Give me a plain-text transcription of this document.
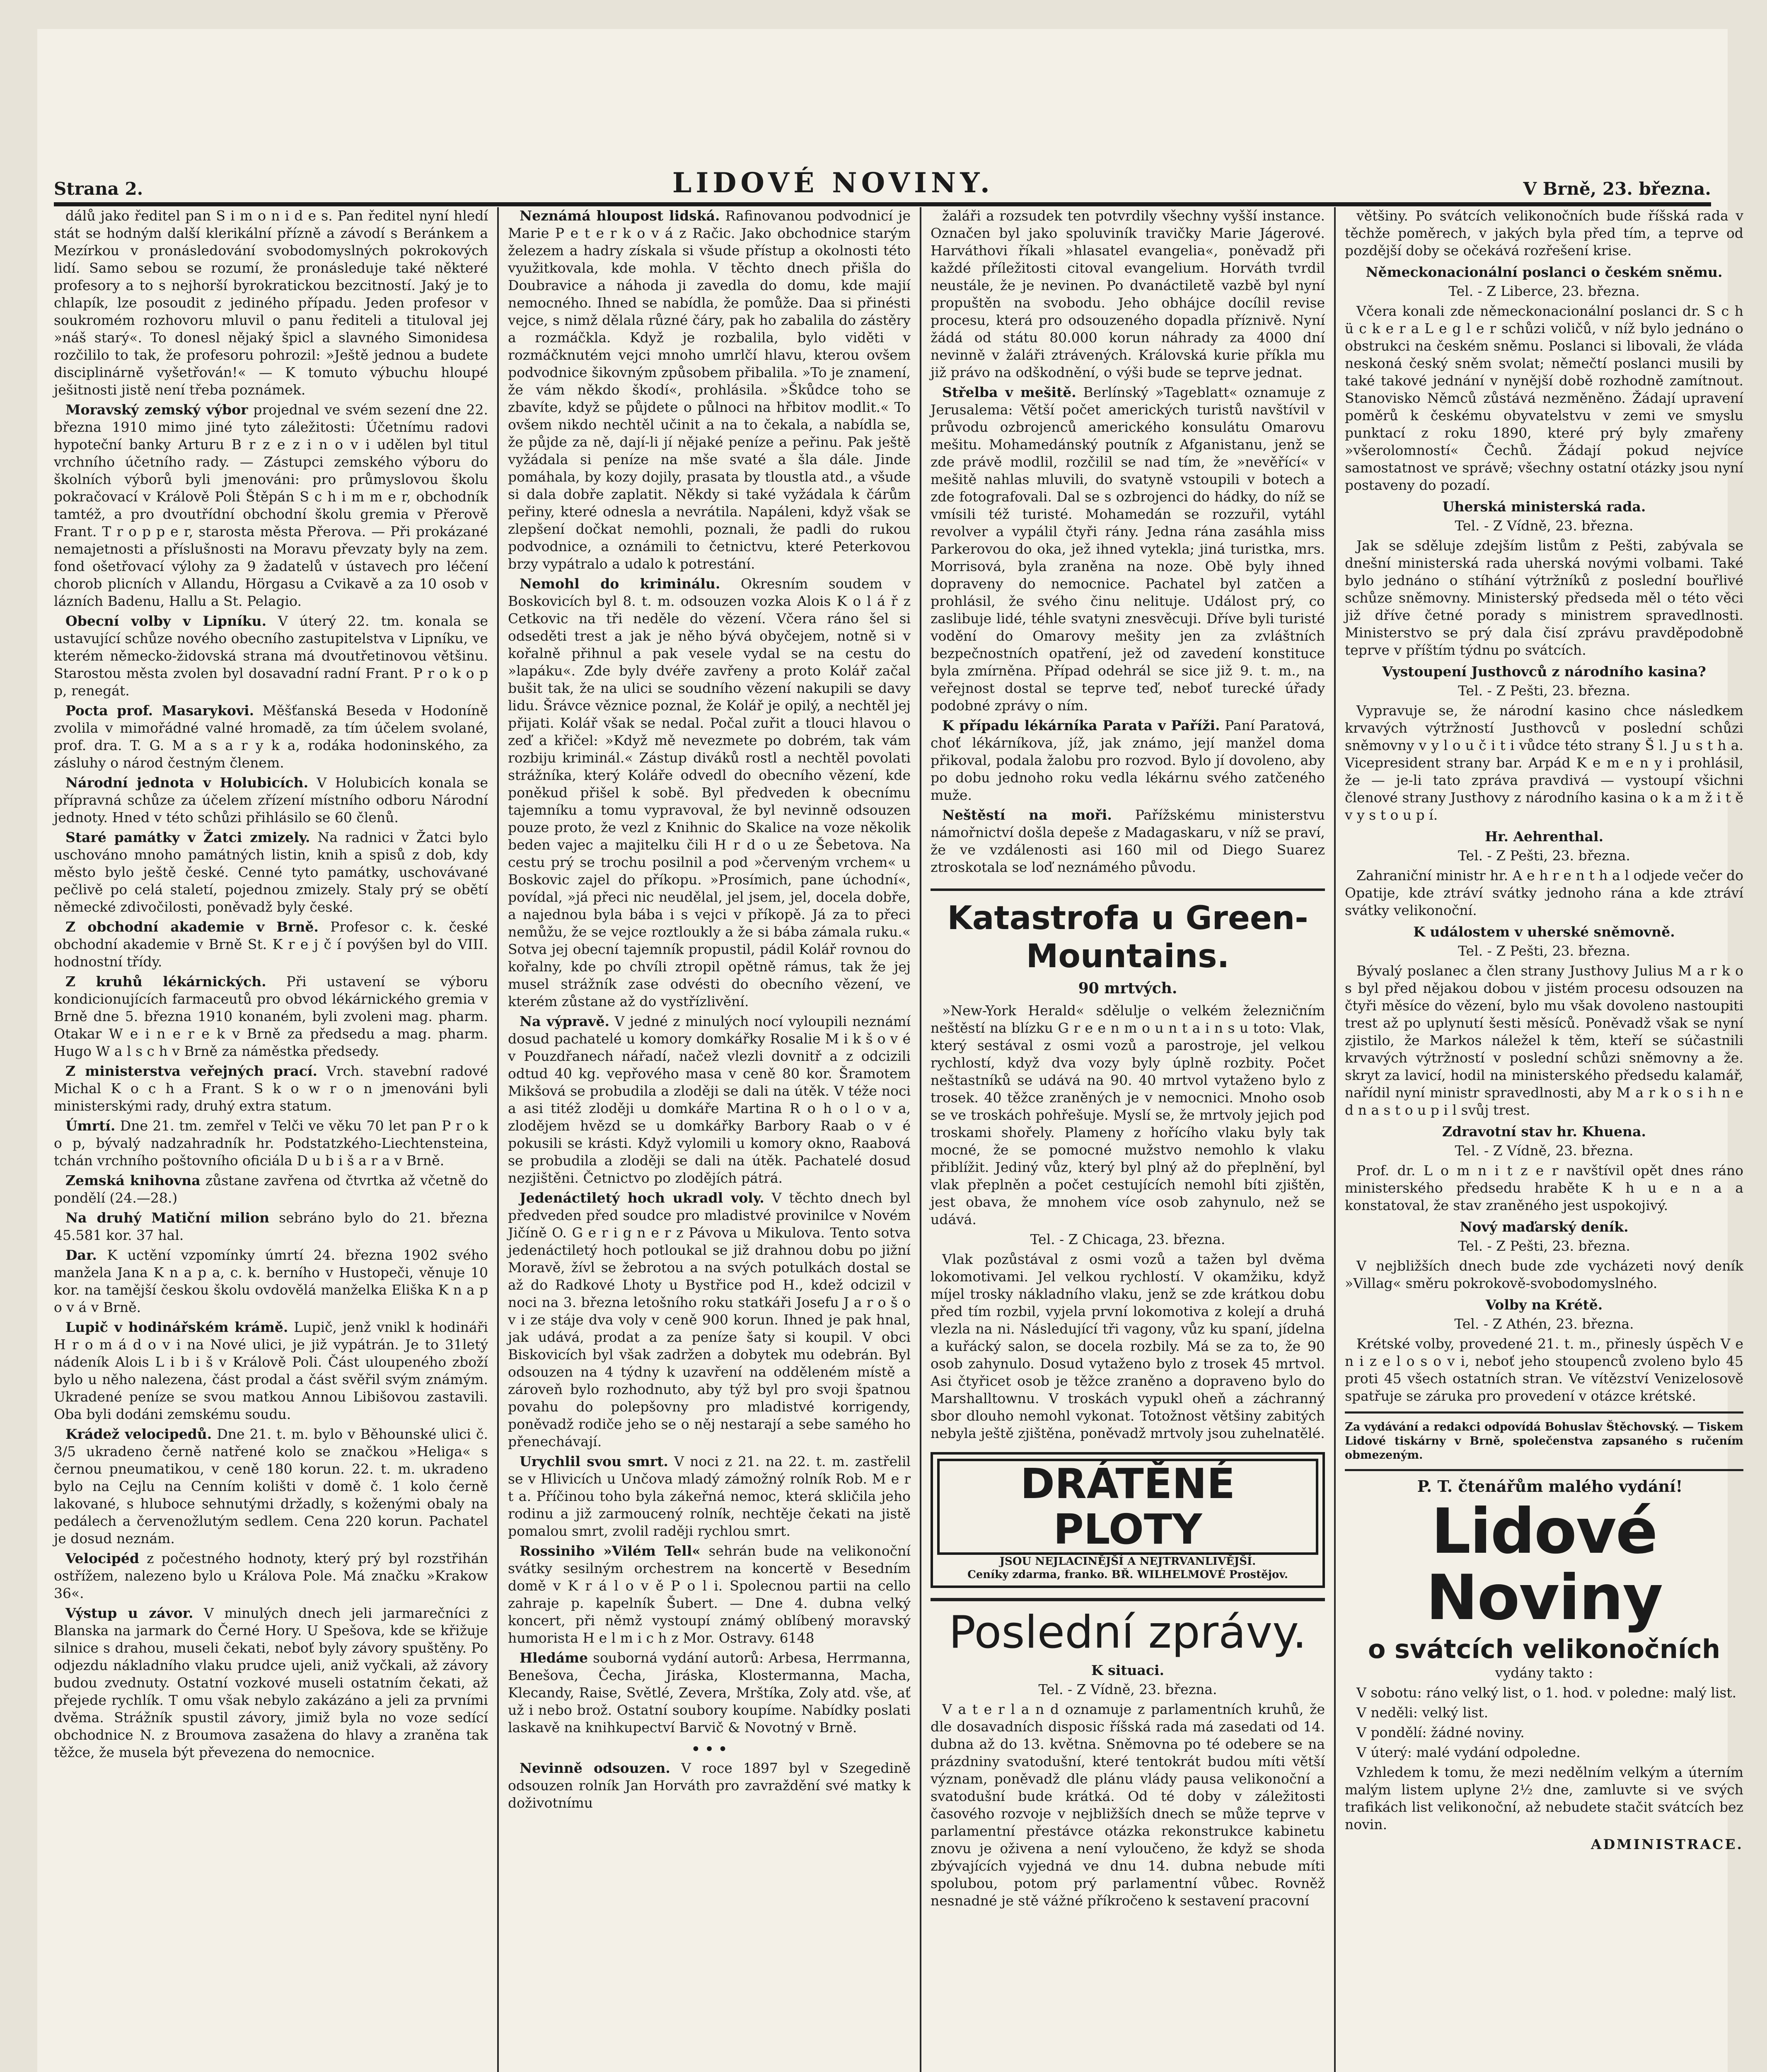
Strana 2.	LIDOVÉ NOVINY.	V Brně, 23. března.

dálů jako ředitel pan S i m o n i d e s. Pan ředitel nyní hledí stát se hodným další klerikální přízně a závodí s Beránkem a Mezírkou v pronásledování svobodomyslných pokrokových lidí. Samo sebou se rozumí, že pronásleduje také některé profesory a to s nejhorší byrokratickou bezcitností. Jaký je to chlapík, lze posoudit z jediného případu. Jeden profesor v soukromém rozhovoru mluvil o panu řediteli a tituloval jej »náš starý«. To donesl nějaký špicl a slavného Simonidesa rozčililo to tak, že profesoru pohrozil: »Ještě jednou a budete disciplinárně vyšetřován!« — K tomuto výbuchu hloupé ješitnosti jistě není třeba poznámek.

Moravský zemský výbor projednal ve svém sezení dne 22. března 1910 mimo jiné tyto záležitosti: Účetnímu radovi hypoteční banky Arturu B r z e z i n o v i udělen byl titul vrchního účetního rady. — Zástupci zemského výboru do školních výborů byli jmenováni: pro průmyslovou školu pokračovací v Králově Poli Štěpán S c h i m m e r, obchodník tamtéž, a pro dvoutřídní obchodní školu gremia v Přerově Frant. T r o p p e r, starosta města Přerova. — Při prokázané nemajetnosti a příslušnosti na Moravu převzaty byly na zem. fond ošetřovací výlohy za 9 žadatelů v ústavech pro léčení chorob plicních v Allandu, Hörgasu a Cvikavě a za 10 osob v lázních Badenu, Hallu a St. Pelagio.

Obecní volby v Lipníku. V úterý 22. tm. konala se ustavující schůze nového obecního zastupitelstva v Lipníku, ve kterém německo-židovská strana má dvoutřetinovou většinu. Starostou města zvolen byl dosavadní radní Frant. P r o k o p p, renegát.

Pocta prof. Masarykovi. Měšťanská Beseda v Hodoníně zvolila v mimořádné valné hromadě, za tím účelem svolané, prof. dra. T. G. M a s a r y k a, rodáka hodoninského, za zásluhy o národ čestným členem.

Národní jednota v Holubicích. V Holubicích konala se přípravná schůze za účelem zřízení místního odboru Národní jednoty. Hned v této schůzi přihlásilo se 60 členů.

Staré památky v Žatci zmizely. Na radnici v Žatci bylo uschováno mnoho památných listin, knih a spisů z dob, kdy město bylo ještě české. Cenné tyto památky, uschovávané pečlivě po celá staletí, pojednou zmizely. Staly prý se obětí německé zdivočilosti, poněvadž byly české.

Z obchodní akademie v Brně. Profesor c. k. české obchodní akademie v Brně St. K r e j č í povýšen byl do VIII. hodnostní třídy.

Z kruhů lékárnických. Při ustavení se výboru kondicionujících farmaceutů pro obvod lékárnického gremia v Brně dne 5. března 1910 konaném, byli zvoleni mag. pharm. Otakar W e i n e r e k v Brně za předsedu a mag. pharm. Hugo W a l s c h v Brně za náměstka předsedy.

Z ministerstva veřejných prací. Vrch. stavební radové Michal K o c h a Frant. S k o w r o n jmenováni byli ministerskými rady, druhý extra statum.

Úmrtí. Dne 21. tm. zemřel v Telči ve věku 70 let pan P r o k o p, bývalý nadzahradník hr. Podstatzkého-Liechtensteina, tchán vrchního poštovního oficiála D u b i š a r a v Brně.

Zemská knihovna zůstane zavřena od čtvrtka až včetně do pondělí (24.—28.)

Na druhý Matiční milion sebráno bylo do 21. března 45.581 kor. 37 hal.

Dar. K uctění vzpomínky úmrtí 24. března 1902 svého manžela Jana K n a p a, c. k. berního v Hustopeči, věnuje 10 kor. na tamější českou školu ovdovělá manželka Eliška K n a p o v á v Brně.

Lupič v hodinářském krámě. Lupič, jenž vnikl k hodináři H r o m á d o v i na Nové ulici, je již vypátrán. Je to 31letý nádeník Alois L i b i š v Králově Poli. Část uloupeného zboží bylo u něho nalezena, část prodal a část svěřil svým známým. Ukradené peníze se svou matkou Annou Libišovou zastavili. Oba byli dodáni zemskému soudu.

Krádež velocipedů. Dne 21. t. m. bylo v Běhounské ulici č. 3/5 ukradeno černě natřené kolo se značkou »Heliga« s černou pneumatikou, v ceně 180 korun. 22. t. m. ukradeno bylo na Cejlu na Cenním kolišti v domě č. 1 kolo černě lakované, s hluboce sehnutými držadly, s koženými obaly na pedálech a červenožlutým sedlem. Cena 220 korun. Pachatel je dosud neznám.

Velocipéd z počestného hodnoty, který prý byl rozstřihán ostřížem, nalezeno bylo u Králova Pole. Má značku »Krakow 36«.

Výstup u závor. V minulých dnech jeli jarmarečníci z Blanska na jarmark do Černé Hory. U Spešova, kde se křižuje silnice s drahou, museli čekati, neboť byly závory spuštěny. Po odjezdu nákladního vlaku prudce ujeli, aniž vyčkali, až závory budou zvednuty. Ostatní vozkové museli ostatním čekati, až přejede rychlík. T omu však nebylo zakázáno a jeli za prvními dvěma. Strážník spustil závory, jimiž byla no voze sedící obchodnice N. z Broumova zasažena do hlavy a zraněna tak těžce, že musela být převezena do nemocnice.

Neznámá hloupost lidská. Rafinovanou podvodnicí je Marie P e t e r k o v á z Račic. Jako obchodnice starým železem a hadry získala si všude přístup a okolnosti této využitkovala, kde mohla. V těchto dnech přišla do Doubravice a náhoda ji zavedla do domu, kde majií nemocného. Ihned se nabídla, že pomůže. Daa si přinésti vejce, s nimž dělala různé čáry, pak ho zabalila do zástěry a rozmáčkla. Když je rozbalila, bylo viděti v rozmáčknutém vejci mnoho umrlčí hlavu, kterou ovšem podvodnice šikovným způsobem přibalila. »To je znamení, že vám někdo škodí«, prohlásila. »Škůdce toho se zbavíte, když se půjdete o půlnoci na hřbitov modlit.« To ovšem nikdo nechtěl učinit a na to čekala, a nabídla se, že půjde za ně, dají-li jí nějaké peníze a peřinu. Pak ještě vyžádala si peníze na mše svaté a šla dále. Jinde pomáhala, by kozy dojily, prasata by tloustla atd., a všude si dala dobře zaplatit. Někdy si také vyžádala k čárům peřiny, které odnesla a nevrátila. Napáleni, když však se zlepšení dočkat nemohli, poznali, že padli do rukou podvodnice, a oznámili to četnictvu, které Peterkovou brzy vypátralo a udalo k potrestání.

Nemohl do kriminálu. Okresním soudem v Boskovicích byl 8. t. m. odsouzen vozka Alois K o l á ř z Cetkovic na tři neděle do vězení. Včera ráno šel si odseděti trest a jak je něho bývá obyčejem, notně si v kořalně přihnul a pak vesele vydal se na cestu do »lapáku«. Zde byly dvéře zavřeny a proto Kolář začal bušit tak, že na ulici se soudního vězení nakupili se davy lidu. Šrávce věznice poznal, že Kolář je opilý, a nechtěl jej přijati. Kolář však se nedal. Počal zuřit a tlouci hlavou o zeď a křičel: »Když mě nevezmete po dobrém, tak vám rozbiju kriminál.« Zástup diváků rostl a nechtěl povolati strážníka, který Koláře odvedl do obecního vězení, kde poněkud přišel k sobě. Byl předveden k obecnímu tajemníku a tomu vypravoval, že byl nevinně odsouzen pouze proto, že vezl z Knihnic do Skalice na voze několik beden vajec a majitelku čili H r d o u ze Šebetova. Na cestu prý se trochu posilnil a pod »červeným vrchem« u Boskovic zajel do příkopu. »Prosímich, pane úchodní«, povídal, »já přeci nic neudělal, jel jsem, jel, docela dobře, a najednou byla bába i s vejci v příkopě. Já za to přeci nemůžu, že se vejce roztloukly a že si bába zámala ruku.« Sotva jej obecní tajemník propustil, pádil Kolář rovnou do kořalny, kde po chvíli ztropil opětně rámus, tak že jej musel strážník zase odvésti do obecního vězení, ve kterém zůstane až do vystřízlivění.

Na výpravě. V jedné z minulých nocí vyloupili neznámí dosud pachatelé u komory domkářky Rosalie M i k š o v é v Pouzdřanech nářadí, načež vlezli dovnitř a z odcizili odtud 40 kg. vepřového masa v ceně 80 kor. Šramotem Mikšová se probudila a zloději se dali na útěk. V téže noci a asi titéž zloději u domkáře Martina R o h o l o v a, zlodějem hvězd se u domkářky Barbory Raab o v é pokusili se krásti. Když vylomili u komory okno, Raabová se probudila a zloději se dali na útěk. Pachatelé dosud nezjištěni. Četnictvo po zlodějích pátrá.

Jedenáctiletý hoch ukradl voly. V těchto dnech byl předveden před soudce pro mladistvé provinilce v Novém Jičíně O. G e r i g n e r z Pávova u Mikulova. Tento sotva jedenáctiletý hoch potloukal se již drahnou dobu po jižní Moravě, žívl se žebrotou a na svých potulkách dostal se až do Radkové Lhoty u Bystřice pod H., kdež odcizil v noci na 3. března letošního roku statkáři Josefu J a r o š o v i ze stáje dva voly v ceně 900 korun. Ihned je pak hnal, jak udává, prodat a za peníze šaty si koupil. V obci Biskovicích byl však zadržen a dobytek mu odebrán. Byl odsouzen na 4 týdny k uzavření na odděleném místě a zároveň bylo rozhodnuto, aby týž byl pro svoji špatnou povahu do polepšovny pro mladistvé korrigendy, poněvadž rodiče jeho se o něj nestarají a sebe samého ho přenechávají.

Urychlil svou smrt. V noci z 21. na 22. t. m. zastřelil se v Hlivicích u Unčova mladý zámožný rolník Rob. M e r t a. Příčinou toho byla zákeřná nemoc, která skličila jeho rodinu a již zarmoucený rolník, nechtěje čekati na jistě pomalou smrt, zvolil raději rychlou smrt.

Rossiniho »Vilém Tell« sehrán bude na velikonoční svátky sesilným orchestrem na koncertě v Besedním domě v K r á l o v ě P o l i. Spolecnou partii na cello zahraje p. kapelník Šubert. — Dne 4. dubna velký koncert, při němž vystoupí známý oblíbený moravský humorista H e l m i c h z Mor. Ostravy. 6148

Hledáme souborná vydání autorů: Arbesa, Herrmanna, Benešova, Čecha, Jiráska, Klostermanna, Macha, Klecandy, Raise, Světlé, Zevera, Mrštíka, Zoly atd. vše, ať už i nebo brož. Ostatní soubory koupíme. Nabídky poslati laskavě na knihkupectví Barvič & Novotný v Brně.

• • •

Nevinně odsouzen. V roce 1897 byl v Szegedině odsouzen rolník Jan Horváth pro zavraždění své matky k doživotnímu

žaláři a rozsudek ten potvrdily všechny vyšší instance. Označen byl jako spoluviník travičky Marie Jágerové. Harváthovi říkali »hlasatel evangelia«, poněvadž při každé příležitosti citoval evangelium. Horváth tvrdil neustále, že je nevinen. Po dvanáctiletě vazbě byl nyní propuštěn na svobodu. Jeho obhájce docílil revise procesu, která pro odsouzeného dopadla příznivě. Nyní žádá od státu 80.000 korun náhrady za 4000 dní nevinně v žaláři ztrávených. Královská kurie příkla mu již právo na odškodnění, o výši bude se teprve jednat.

Střelba v mešitě. Berlínský »Tageblatt« oznamuje z Jerusalema: Větší počet amerických turistů navštívil v průvodu ozbrojenců amerického konsulátu Omarovu mešitu. Mohamedánský poutník z Afganistanu, jenž se zde právě modlil, rozčilil se nad tím, že »nevěřící« v mešitě nahlas mluvili, do svatyně vstoupili v botech a zde fotografovali. Dal se s ozbrojenci do hádky, do níž se vmísili též turisté. Mohamedán se rozzuřil, vytáhl revolver a vypálil čtyři rány. Jedna rána zasáhla miss Parkerovou do oka, jež ihned vytekla; jiná turistka, mrs. Morrisová, byla zraněna na noze. Obě byly ihned dopraveny do nemocnice. Pachatel byl zatčen a prohlásil, že svého činu nelituje. Událost prý, co zaslibuje lidé, téhle svatyni znesvěcuji. Dříve byli turisté vodění do Omarovy mešity jen za zvláštních bezpečnostních opatření, jež od zavedení konstituce byla zmírněna. Případ odehrál se sice již 9. t. m., na veřejnost dostal se teprve teď, neboť turecké úřady podobné zprávy o ním.

K případu lékárníka Parata v Paříži. Paní Paratová, choť lékárníkova, jíž, jak známo, její manžel doma přikoval, podala žalobu pro rozvod. Bylo jí dovoleno, aby po dobu jednoho roku vedla lékárnu svého zatčeného muže.

Neštěstí na moři. Pařížskému ministerstvu námořnictví došla depeše z Madagaskaru, v níž se praví, že ve vzdálenosti asi 160 mil od Diego Suarez ztroskotala se loď neznámého původu.

Katastrofa u Green-Mountains.
90 mrtvých.

»New-York Herald« sdělulje o velkém železničním neštěstí na blízku G r e e n m o u n t a i n s u toto: Vlak, který sestával z osmi vozů a parostroje, jel velkou rychlostí, když dva vozy byly úplně rozbity. Počet neštastníků se udává na 90. 40 mrtvol vytaženo bylo z trosek. 40 těžce zraněných je v nemocnici. Mnoho osob se ve troskách pohřešuje. Myslí se, že mrtvoly jejich pod troskami shořely. Plameny z hořícího vlaku byly tak mocné, že se pomocné mužstvo nemohlo k vlaku přiblížit. Jediný vůz, který byl plný až do přeplnění, byl vlak přeplněn a počet cestujících nemohl bíti zjištěn, jest obava, že mnohem více osob zahynulo, než se udává.

Tel. - Z Chicaga, 23. března.

Vlak pozůstával z osmi vozů a tažen byl dvěma lokomotivami. Jel velkou rychlostí. V okamžiku, když míjel trosky nákladního vlaku, jenž se zde krátkou dobu před tím rozbil, vyjela první lokomotiva z kolejí a druhá vlezla na ni. Následující tři vagony, vůz ku spaní, jídelna a kuřácký salon, se docela rozbily. Má se za to, že 90 osob zahynulo. Dosud vytaženo bylo z trosek 45 mrtvol. Asi čtyřicet osob je těžce zraněno a dopraveno bylo do Marshalltownu. V troskách vypukl oheň a záchranný sbor dlouho nemohl vykonat. Totožnost většiny zabitých nebyla ještě zjištěna, poněvadž mrtvoly jsou zuhelnatělé.

DRÁTĚNÉ PLOTY
JSOU NEJLACINĚJŠÍ A NEJTRVANLIVĚJŠÍ.
Ceníky zdarma, franko. BŘ. WILHELMOVÉ Prostějov.
Poslední zprávy.

K situaci.

Tel. - Z Vídně, 23. března.

V a t e r l a n d oznamuje z parlamentních kruhů, že dle dosavadních disposic říšská rada má zasedati od 14. dubna až do 13. května. Sněmovna po té odebere se na prázdniny svatodušní, které tentokrát budou míti větší význam, poněvadž dle plánu vlády pausa velikonoční a svatodušní bude krátká. Od té doby v záležitosti časového rozvoje v nejbližších dnech se může teprve v parlamentní přestávce otázka rekonstrukce kabinetu znovu je oživena a není vyloučeno, že když se shoda zbývajících vyjedná ve dnu 14. dubna nebude míti spolubou, potom prý parlamentní vůbec. Rovněž nesnadné je stě vážné příkročeno k sestavení pracovní

většiny. Po svátcích velikonočních bude říšská rada v těchže poměrech, v jakých byla před tím, a teprve od pozdější doby se očekává rozřešení krise.

Německonacionální poslanci o českém sněmu.

Tel. - Z Liberce, 23. března.

Včera konali zde německonacionální poslanci dr. S c h ü c k e r a L e g l e r schůzi voličů, v níž bylo jednáno o obstrukci na českém sněmu. Poslanci si libovali, že vláda neskoná český sněm svolat; němečtí poslanci musili by také takové jednání v nynější době rozhodně zamítnout. Stanovisko Němců zůstává nezměněno. Žádají upravení poměrů k českému obyvatelstvu v zemi ve smyslu punktací z roku 1890, které prý byly zmařeny »všerolomností« Čechů. Žádají pokud nejvíce samostatnost ve správě; všechny ostatní otázky jsou nyní postaveny do pozadí.

Uherská ministerská rada.

Tel. - Z Vídně, 23. března.

Jak se sděluje zdejším listům z Pešti, zabývala se dnešní ministerská rada uherská novými volbami. Také bylo jednáno o stíhání výtržníků z poslední bouřlivé schůze sněmovny. Ministerský předseda měl o této věci již dříve četné porady s ministrem spravedlnosti. Ministerstvo se prý dala čisí zprávu pravděpodobně teprve v příštím týdnu po svátcích.

Vystoupení Justhovců z národního kasina?

Tel. - Z Pešti, 23. března.

Vypravuje se, že národní kasino chce následkem krvavých výtržností Justhovců v poslední schůzi sněmovny v y l o u č i t i vůdce této strany Š l. J u s t h a. Vicepresident strany bar. Arpád K e m e n y i prohlásil, že — je-li tato zpráva pravdivá — vystoupí všichni členové strany Justhovy z národního kasina o k a m ž i t ě v y s t o u p í.

Hr. Aehrenthal.

Tel. - Z Pešti, 23. března.

Zahraniční ministr hr. A e h r e n t h a l odjede večer do Opatije, kde ztráví svátky jednoho rána a kde ztráví svátky velikonoční.

K událostem v uherské sněmovně.

Tel. - Z Pešti, 23. března.

Bývalý poslanec a člen strany Justhovy Julius M a r k o s byl před nějakou dobou v jistém procesu odsouzen na čtyři měsíce do vězení, bylo mu však dovoleno nastoupiti trest až po uplynutí šesti měsíců. Poněvadž však se nyní zjistilo, že Markos náležel k těm, kteří se súčastnili krvavých výtržností v poslední schůzi sněmovny a že. skryt za lavicí, hodil na ministerského předsedu kalamář, nařídil nyní ministr spravedlnosti, aby M a r k o s i h n e d n a s t o u p i l svůj trest.

Zdravotní stav hr. Khuena.

Tel. - Z Vídně, 23. března.

Prof. dr. L o m n i t z e r navštívil opět dnes ráno ministerského předsedu hraběte K h u e n a a konstatoval, že stav zraněného jest uspokojivý.

Nový maďarský deník.

Tel. - Z Pešti, 23. března.

V nejbližších dnech bude zde vycházeti nový deník »Villag« směru pokrokově-svobodomyslného.

Volby na Krétě.

Tel. - Z Athén, 23. března.

Krétské volby, provedené 21. t. m., přinesly úspěch V e n i z e l o s o v i, neboť jeho stoupenců zvoleno bylo 45 proti 45 všech ostatních stran. Ve vítězství Venizelosově spatřuje se záruka pro provedení v otázce krétské.

Za vydávání a redakci odpovídá Bohuslav Štěchovský. — Tiskem Lidové tiskárny v Brně, společenstva zapsaného s ručením obmezeným.

P. T. čtenářům malého vydání!

Lidové Noviny
o svátcích velikonočních

vydány takto :

V sobotu: ráno velký list, o 1. hod. v poledne: malý list.

V neděli: velký list.

V pondělí: žádné noviny.

V úterý: malé vydání odpoledne.

Vzhledem k tomu, že mezi nedělním velkým a úterním malým listem uplyne 2½ dne, zamluvte si ve svých trafikách list velikonoční, až nebudete stačit svátcích bez novin.

ADMINISTRACE.
